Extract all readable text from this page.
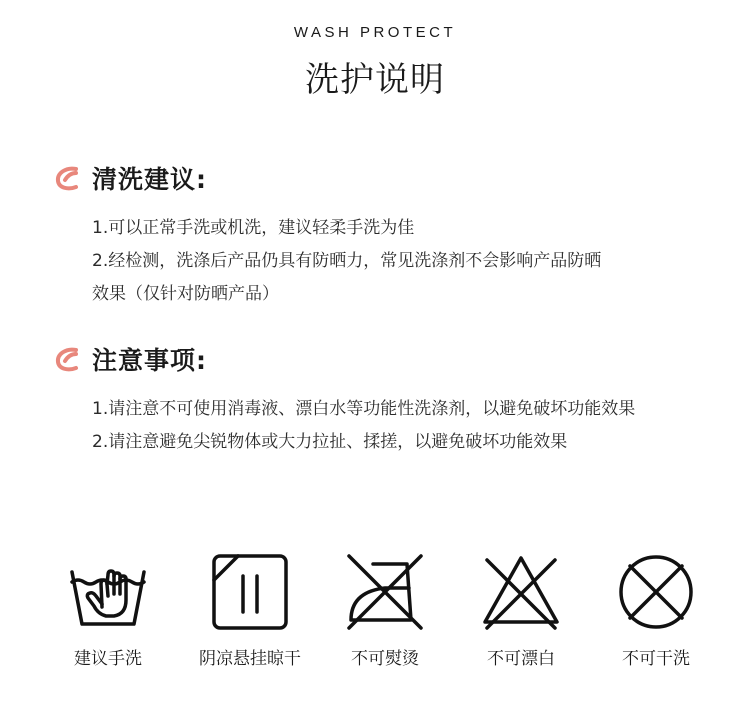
WASH PROTECT
洗护说明
清洗建议:
1.可以正常手洗或机洗，建议轻柔手洗为佳
2.经检测，洗涤后产品仍具有防晒力，常见洗涤剂不会影响产品防晒
效果（仅针对防晒产品）
注意事项:
1.请注意不可使用消毒液、漂白水等功能性洗涤剂，以避免破坏功能效果
2.请注意避免尖锐物体或大力拉扯、揉搓，以避免破坏功能效果
建议手洗	阴凉悬挂晾干	不可熨烫	不可漂白	不可干洗
